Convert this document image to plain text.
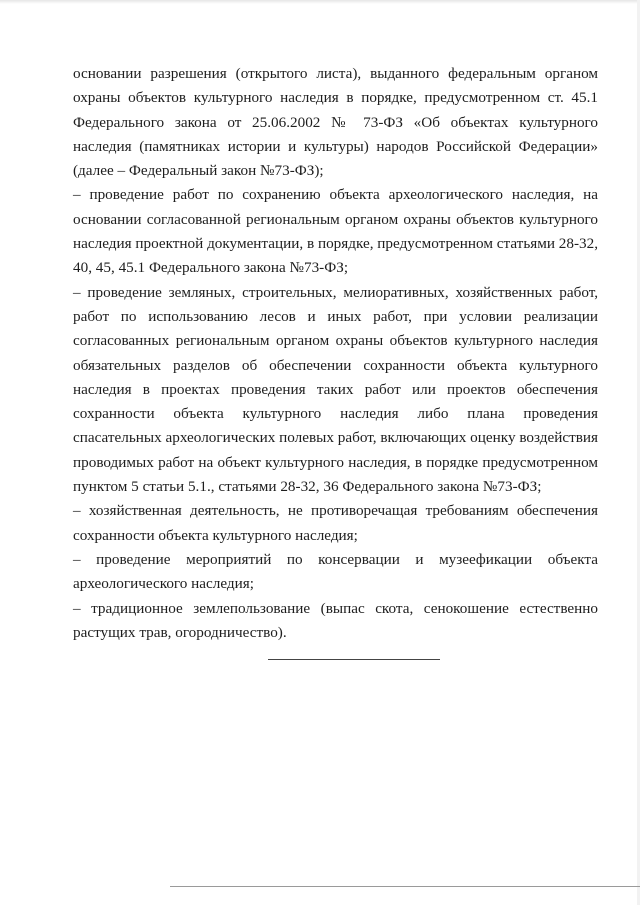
основании разрешения (открытого листа), выданного федеральным органом охраны объектов культурного наследия в порядке, предусмотренном ст. 45.1 Федерального закона от 25.06.2002 № 73-ФЗ «Об объектах культурного наследия (памятниках истории и культуры) народов Российской Федерации» (далее – Федеральный закон №73-ФЗ);

– проведение работ по сохранению объекта археологического наследия, на основании согласованной региональным органом охраны объектов культурного наследия проектной документации, в порядке, предусмотренном статьями 28-32, 40, 45, 45.1 Федерального закона №73-ФЗ;

– проведение земляных, строительных, мелиоративных, хозяйственных работ, работ по использованию лесов и иных работ, при условии реализации согласованных региональным органом охраны объектов культурного наследия обязательных разделов об обеспечении сохранности объекта культурного наследия в проектах проведения таких работ или проектов обеспечения сохранности объекта культурного наследия либо плана проведения спасательных археологических полевых работ, включающих оценку воздействия проводимых работ на объект культурного наследия, в порядке предусмотренном пунктом 5 статьи 5.1., статьями 28-32, 36 Федерального закона №73-ФЗ;

– хозяйственная деятельность, не противоречащая требованиям обеспечения сохранности объекта культурного наследия;

– проведение мероприятий по консервации и музеефикации объекта археологического наследия;

– традиционное землепользование (выпас скота, сенокошение естественно растущих трав, огородничество).
